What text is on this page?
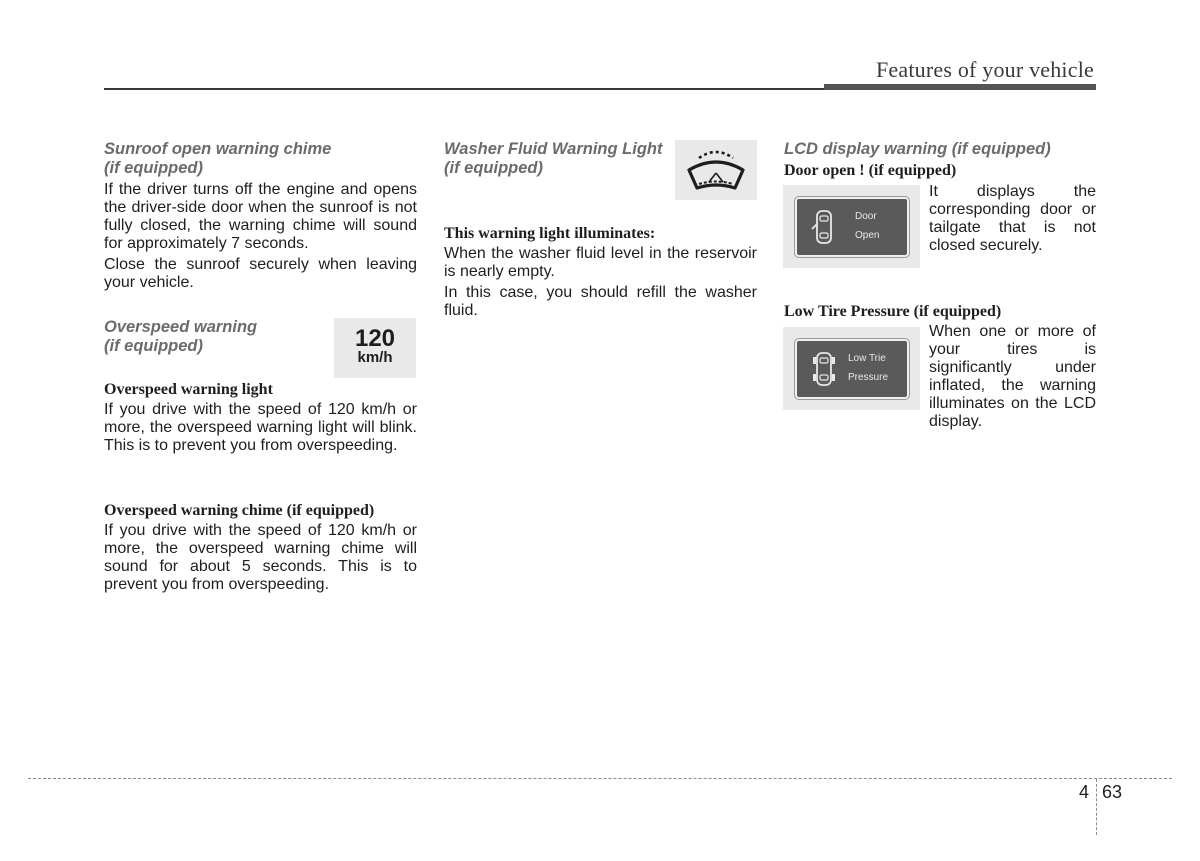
Features of your vehicle
Sunroof open warning chime
(if equipped)

If the driver turns off the engine and opens the driver-side door when the sunroof is not fully closed, the warning chime will sound for approximately 7 seconds.

Close the sunroof securely when leaving your vehicle.

Overspeed warning
(if equipped)	120
km/h
Overspeed warning light

If you drive with the speed of 120 km/h or more, the overspeed warning light will blink. This is to prevent you from overspeeding.

Overspeed warning chime (if equipped)

If you drive with the speed of 120 km/h or more, the overspeed warning chime will sound for about 5 seconds. This is to prevent you from overspeeding.

Washer Fluid Warning Light
(if equipped)
This warning light illuminates:

When the washer fluid level in the reservoir is nearly empty.

In this case, you should refill the washer fluid.

LCD display warning (if equipped)
Door open ! (if equipped)
Door
Open

It displays the corresponding door or tailgate that is not closed securely.

Low Tire Pressure (if equipped)
Low Trie
Pressure

When one or more of your tires is significantly under inflated, the warning illuminates on the LCD display.

4 63
